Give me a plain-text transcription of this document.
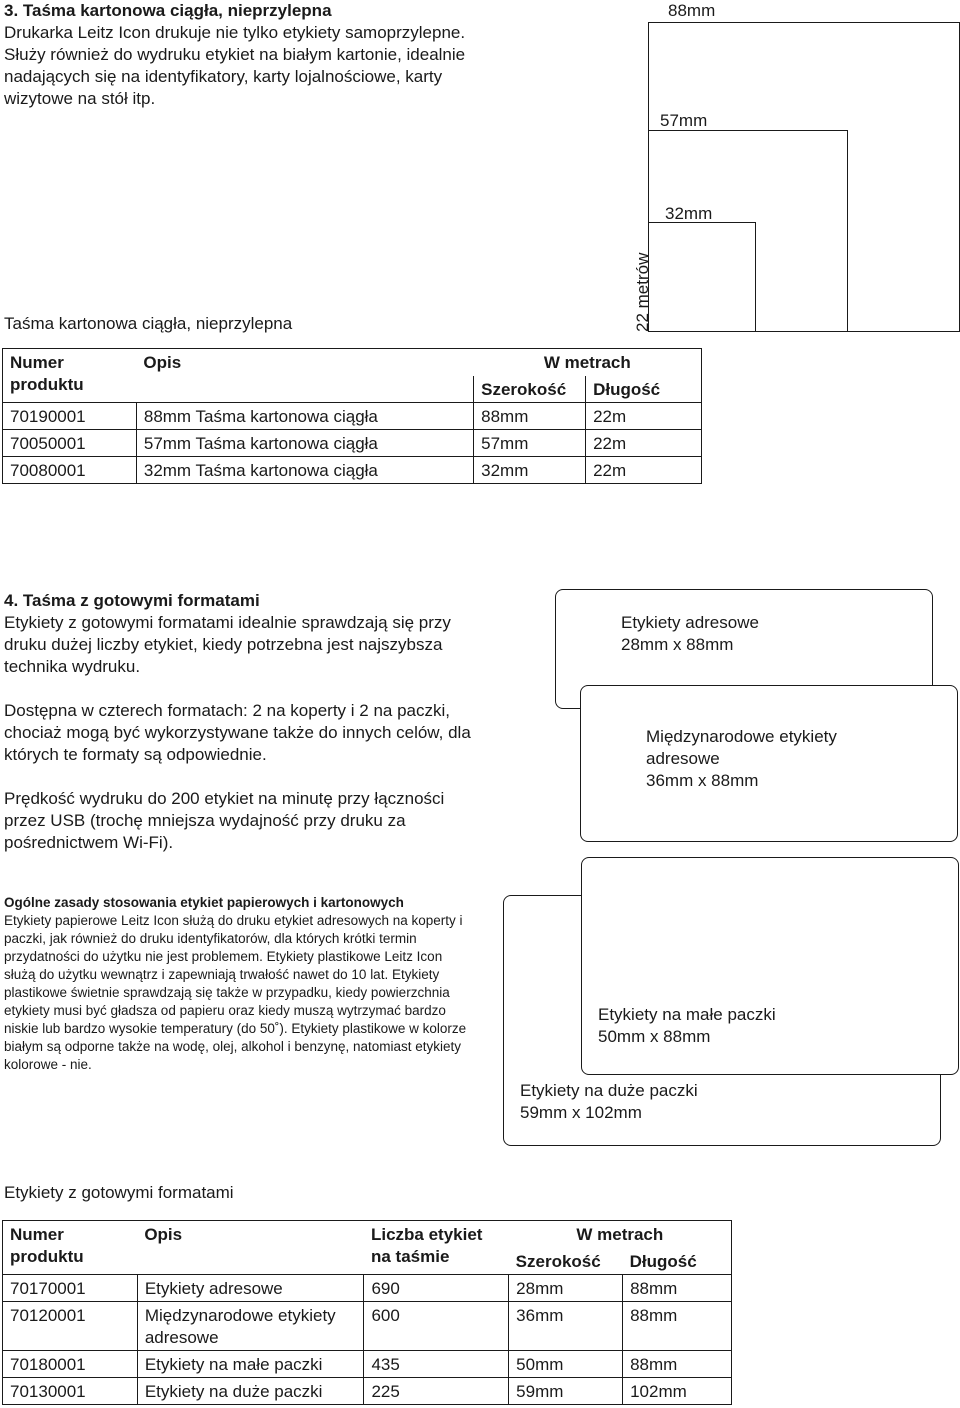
3. Taśma kartonowa ciągła, nieprzylepna
Drukarka Leitz Icon drukuje nie tylko etykiety samoprzylepne. Służy również do wydruku etykiet na białym kartonie, idealnie nadających się na identyfikatory, karty lojalnościowe, karty wizytowe na stół itp.
88mm
57mm
32mm
22 metrów
Taśma kartonowa ciągła, nieprzylepna
Numer produktu	Opis	W metrach	
		Szerokość	Długość
70190001	88mm Taśma kartonowa ciągła	88mm	22m
70050001	57mm Taśma kartonowa ciągła	57mm	22m
70080001	32mm Taśma kartonowa ciągła	32mm	22m
4. Taśma z gotowymi formatami
Etykiety z gotowymi formatami idealnie sprawdzają się przy druku dużej liczby etykiet, kiedy potrzebna jest najszybsza technika wydruku.
Dostępna w czterech formatach: 2 na koperty i 2 na paczki, chociaż mogą być wykorzystywane także do innych celów, dla których te formaty są odpowiednie.
Prędkość wydruku do 200 etykiet na minutę przy łączności przez USB (trochę mniejsza wydajność przy druku za pośrednictwem Wi-Fi).
Etykiety adresowe
28mm x 88mm
Międzynarodowe etykiety adresowe
36mm x 88mm
Ogólne zasady stosowania etykiet papierowych i kartonowych
Etykiety papierowe Leitz Icon służą do druku etykiet adresowych na koperty i paczki, jak również do druku identyfikatorów, dla których krótki termin przydatności do użytku nie jest problemem. Etykiety plastikowe Leitz Icon służą do użytku wewnątrz i zapewniają trwałość nawet do 10 lat. Etykiety plastikowe świetnie sprawdzają się także w przypadku, kiedy powierzchnia etykiety musi być gładsza od papieru oraz kiedy muszą wytrzymać bardzo niskie lub bardzo wysokie temperatury (do 50˚). Etykiety plastikowe w kolorze białym są odporne także na wodę, olej, alkohol i benzynę, natomiast etykiety kolorowe - nie.
Etykiety na duże paczki
59mm x 102mm
Etykiety na małe paczki
50mm x 88mm
Etykiety z gotowymi formatami
Numer produktu	Opis	Liczba etykiet na taśmie	W metrach	
			Szerokość	Długość
70170001	Etykiety adresowe	690	28mm	88mm
70120001	Międzynarodowe etykiety adresowe	600	36mm	88mm
70180001	Etykiety na małe paczki	435	50mm	88mm
70130001	Etykiety na duże paczki	225	59mm	102mm
